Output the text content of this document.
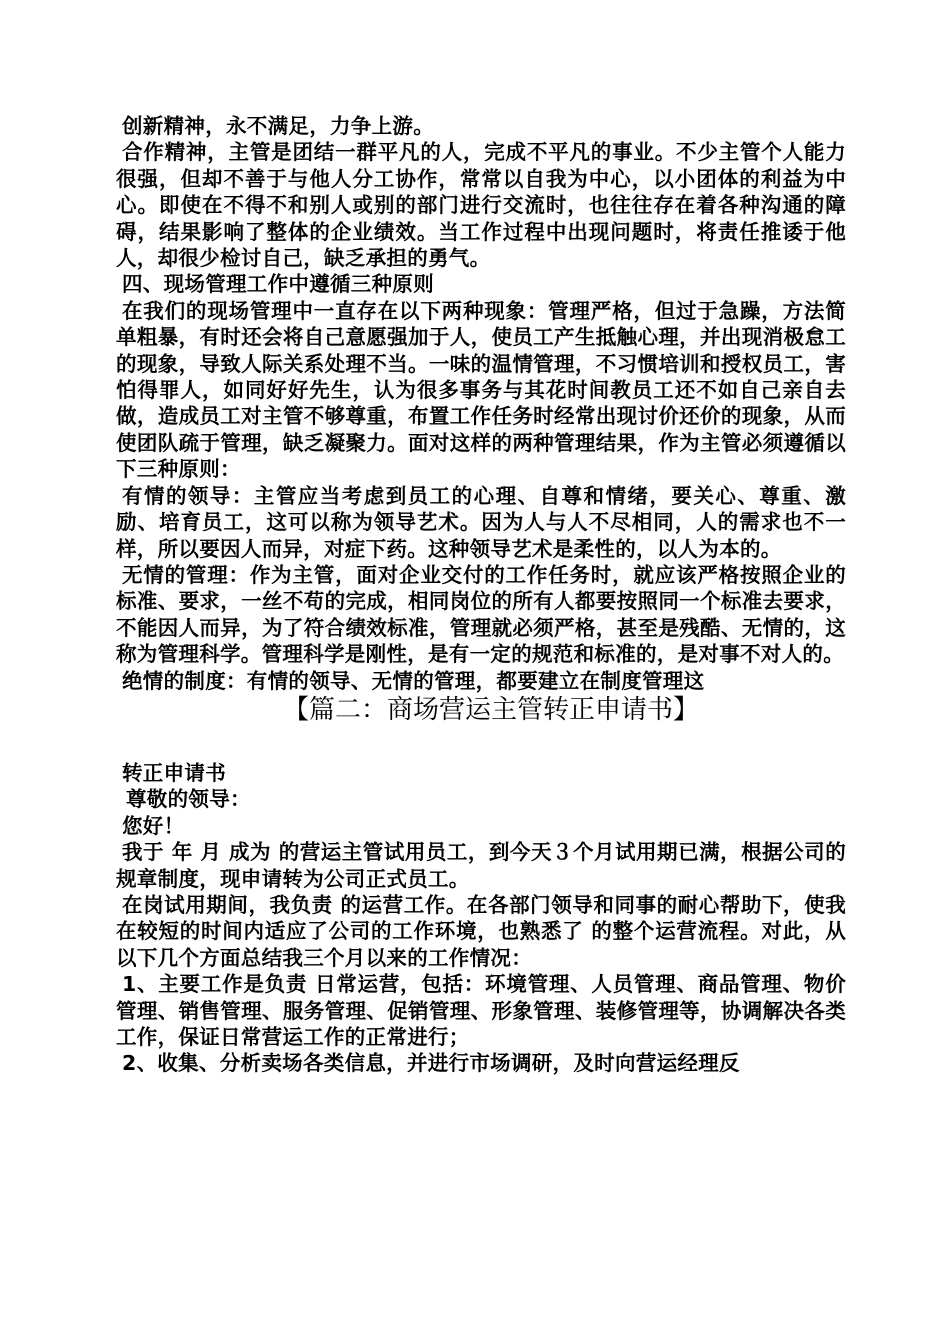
创新精神，永不满足，力争上游。

合作精神，主管是团结一群平凡的人，完成不平凡的事业。不少主管个人能力很强，但却不善于与他人分工协作，常常以自我为中心，以小团体的利益为中心。即使在不得不和别人或别的部门进行交流时，也往往存在着各种沟通的障碍，结果影响了整体的企业绩效。当工作过程中出现问题时，将责任推诿于他人，却很少检讨自己，缺乏承担的勇气。

四、现场管理工作中遵循三种原则

在我们的现场管理中一直存在以下两种现象：管理严格，但过于急躁，方法简单粗暴，有时还会将自己意愿强加于人，使员工产生抵触心理，并出现消极怠工的现象，导致人际关系处理不当。一味的温情管理，不习惯培训和授权员工，害怕得罪人，如同好好先生，认为很多事务与其花时间教员工还不如自己亲自去做，造成员工对主管不够尊重，布置工作任务时经常出现讨价还价的现象，从而使团队疏于管理，缺乏凝聚力。面对这样的两种管理结果，作为主管必须遵循以下三种原则：

有情的领导：主管应当考虑到员工的心理、自尊和情绪，要关心、尊重、激励、培育员工，这可以称为领导艺术。因为人与人不尽相同，人的需求也不一样，所以要因人而异，对症下药。这种领导艺术是柔性的，以人为本的。

无情的管理：作为主管，面对企业交付的工作任务时，就应该严格按照企业的标准、要求，一丝不苟的完成，相同岗位的所有人都要按照同一个标准去要求，不能因人而异，为了符合绩效标准，管理就必须严格，甚至是残酷、无情的，这称为管理科学。管理科学是刚性，是有一定的规范和标准的，是对事不对人的。

绝情的制度：有情的领导、无情的管理，都要建立在制度管理这

【篇二：商场营运主管转正申请书】

转正申请书

尊敬的领导：

您好！

我于 年 月 成为 的营运主管试用员工，到今天３个月试用期已满，根据公司的规章制度，现申请转为公司正式员工。

在岗试用期间，我负责 的运营工作。在各部门领导和同事的耐心帮助下，使我在较短的时间内适应了公司的工作环境，也熟悉了 的整个运营流程。对此，从以下几个方面总结我三个月以来的工作情况：

1、主要工作是负责 日常运营，包括：环境管理、人员管理、商品管理、物价管理、销售管理、服务管理、促销管理、形象管理、装修管理等，协调解决各类工作，保证日常营运工作的正常进行；

2、收集、分析卖场各类信息，并进行市场调研，及时向营运经理反
